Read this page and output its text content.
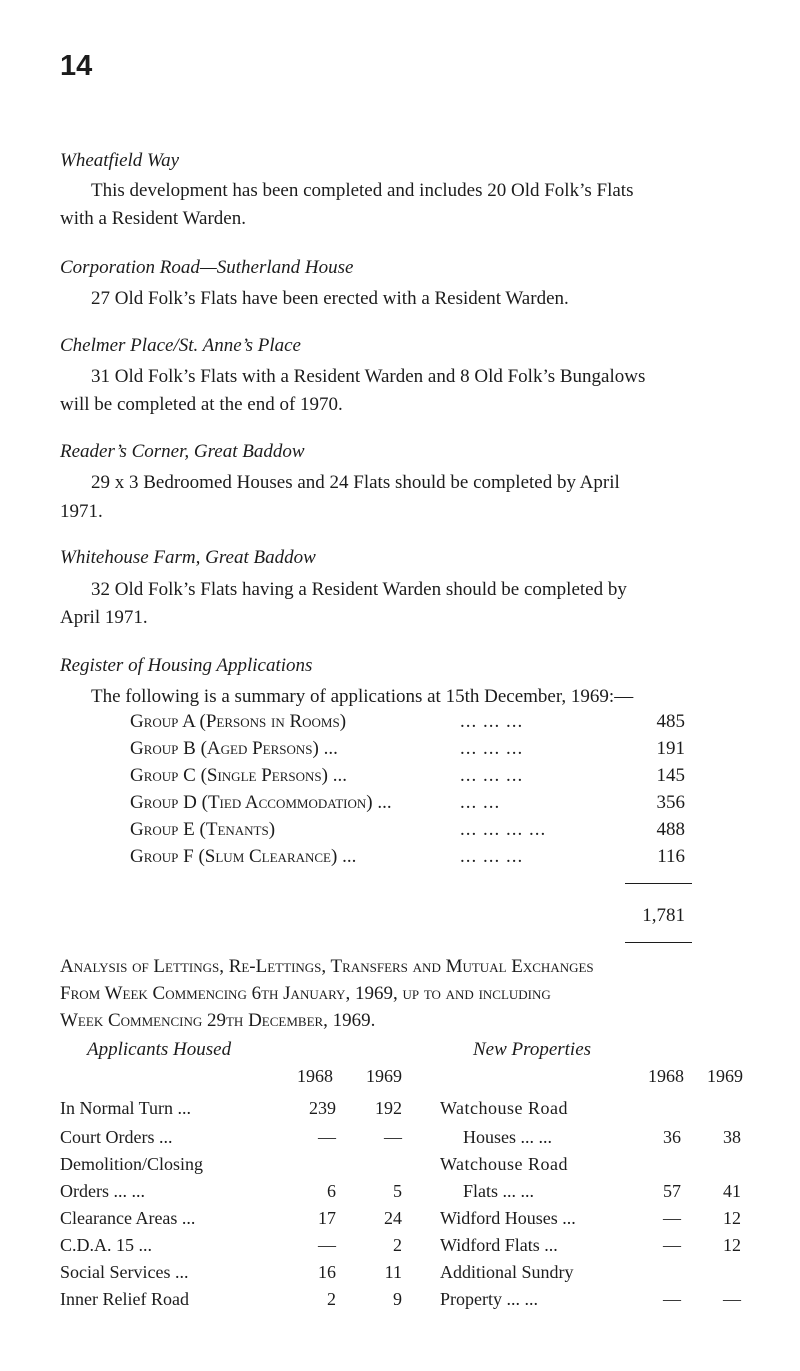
14
Wheatfield Way
This development has been completed and includes 20 Old Folk’s Flats
with a Resident Warden.
Corporation Road—Sutherland House
27 Old Folk’s Flats have been erected with a Resident Warden.
Chelmer Place/St. Anne’s Place
31 Old Folk’s Flats with a Resident Warden and 8 Old Folk’s Bungalows
will be completed at the end of 1970.
Reader’s Corner, Great Baddow
29 x 3 Bedroomed Houses and 24 Flats should be completed by April
1971.
Whitehouse Farm, Great Baddow
32 Old Folk’s Flats having a Resident Warden should be completed by
April 1971.
Register of Housing Applications
The following is a summary of applications at 15th December, 1969:—
Group A (Persons in Rooms)	... ... ...	485
Group B (Aged Persons) ...	... ... ...	191
Group C (Single Persons) ...	... ... ...	145
Group D (Tied Accommodation) ...	... ...	356
Group E (Tenants)	... ... ... ...	488
Group F (Slum Clearance) ...	... ... ...	116
1,781
Analysis of Lettings, Re-Lettings, Transfers and Mutual Exchanges
From Week Commencing 6th January, 1969, up to and including
Week Commencing 29th December, 1969.
Applicants Housed
1968 1969
In Normal Turn ...	239	192
Court Orders ...	—	—
Demolition/Closing
Orders ... ...	6	5
Clearance Areas ...	17	24
C.D.A. 15 ...	—	2
Social Services ...	16	11
Inner Relief Road	2	9
New Properties
1968 1969
Watchouse Road
Houses ... ...	36	38
Watchouse Road
Flats ... ...	57	41
Widford Houses ...	—	12
Widford Flats ...	—	12
Additional Sundry
Property ... ...	—	—
